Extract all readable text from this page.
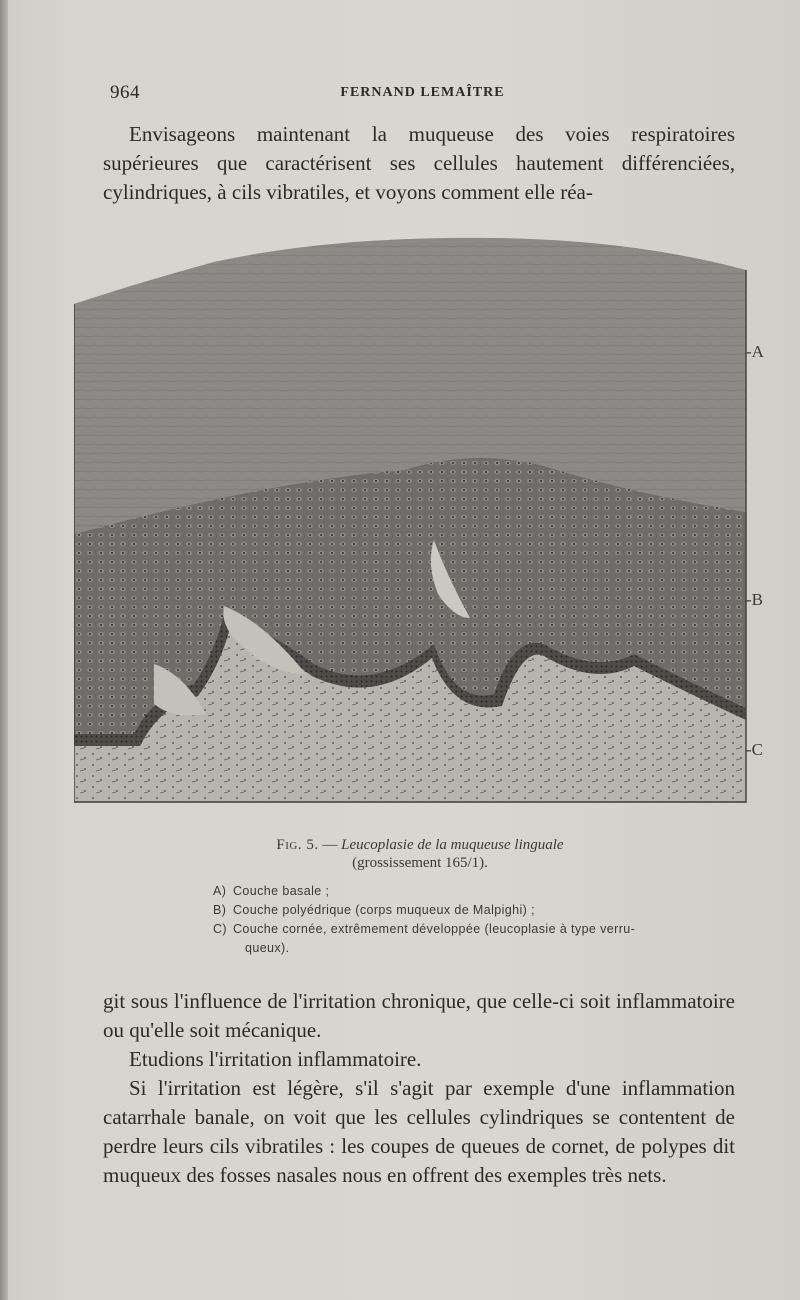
964	FERNAND LEMAÎTRE

Envisageons maintenant la muqueuse des voies respiratoires supérieures que caractérisent ses cellules hautement différenciées, cylindriques, à cils vibratiles, et voyons comment elle réa-

-A
-B
-C
Fig. 5. — Leucoplasie de la muqueuse linguale
(grossissement 165/1).
A) Couche basale ;
B) Couche polyédrique (corps muqueux de Malpighi) ;
C) Couche cornée, extrêmement développée (leucoplasie à type verru-
queux).

git sous l'influence de l'irritation chronique, que celle-ci soit inflammatoire ou qu'elle soit mécanique.

Etudions l'irritation inflammatoire.

Si l'irritation est légère, s'il s'agit par exemple d'une inflammation catarrhale banale, on voit que les cellules cylindriques se contentent de perdre leurs cils vibratiles : les coupes de queues de cornet, de polypes dit muqueux des fosses nasales nous en offrent des exemples très nets.
